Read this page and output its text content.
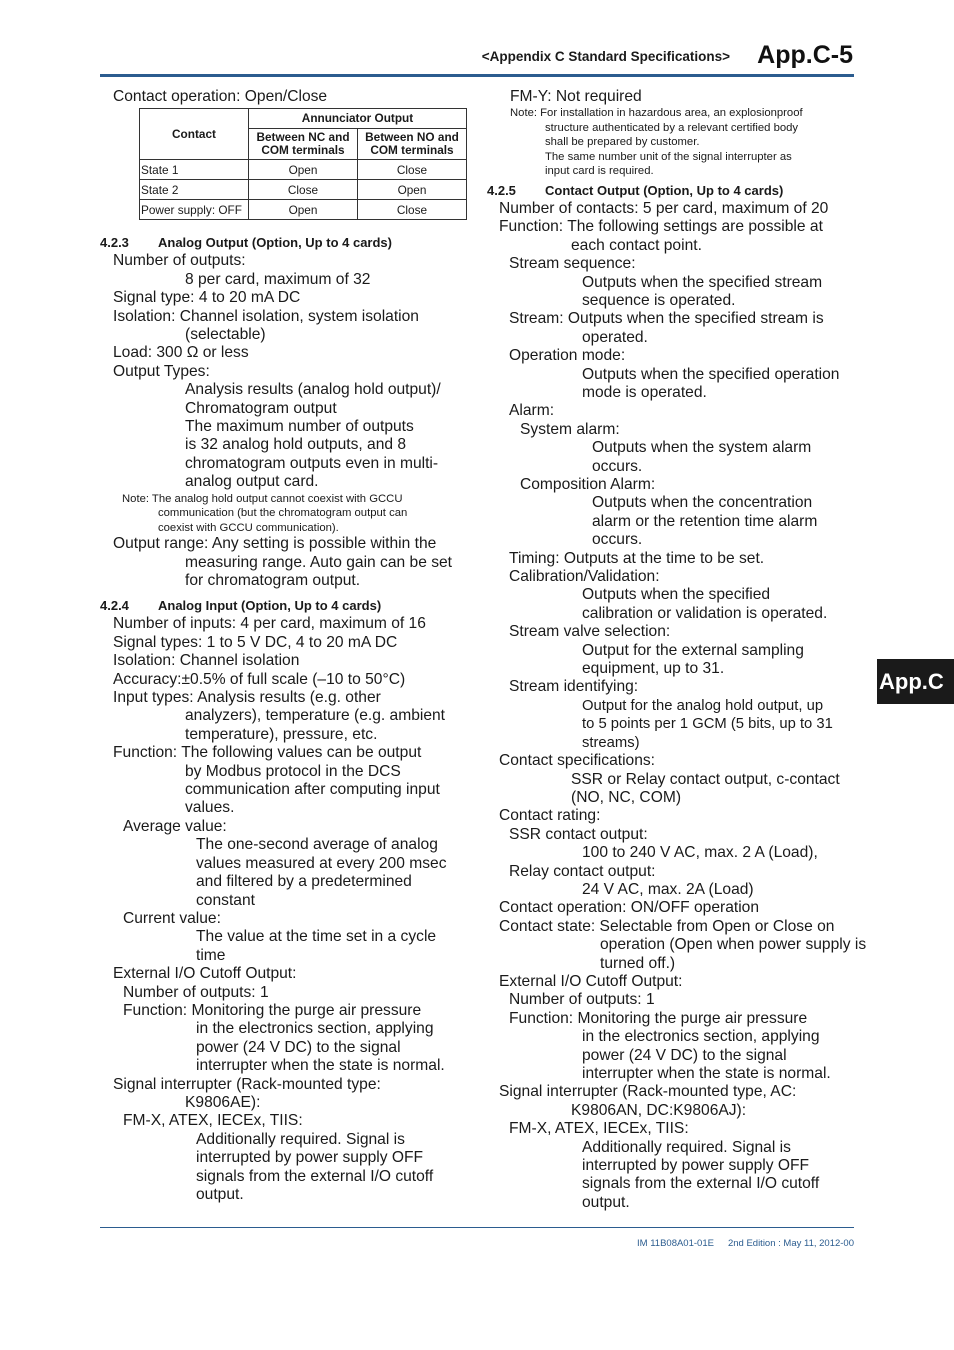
<Appendix C Standard Specifications> App.C-5
App.C
Contact operation: Open/Close
Contact	Annunciator Output	

	Between NC and
COM terminals	Between NO and
COM terminals

State 1	Open	Close
State 2	Close	Open
Power supply: OFF	Open	Close
4.2.3 Analog Output (Option, Up to 4 cards)
Number of outputs:
8 per card, maximum of 32
Signal type: 4 to 20 mA DC
Isolation: Channel isolation, system isolation
(selectable)
Load: 300 Ω or less
Output Types:
Analysis results (analog hold output)/
Chromatogram output
The maximum number of outputs
is 32 analog hold outputs, and 8
chromatogram outputs even in multi-
analog output card.
Note: The analog hold output cannot coexist with GCCU
communication (but the chromatogram output can
coexist with GCCU communication).
Output range: Any setting is possible within the
measuring range. Auto gain can be set
for chromatogram output.
4.2.4 Analog Input (Option, Up to 4 cards)
Number of inputs: 4 per card, maximum of 16
Signal types: 1 to 5 V DC, 4 to 20 mA DC
Isolation: Channel isolation
Accuracy:±0.5% of full scale (–10 to 50°C)
Input types: Analysis results (e.g. other
analyzers), temperature (e.g. ambient
temperature), pressure, etc.
Function: The following values can be output
by Modbus protocol in the DCS
communication after computing input
values.
Average value:
The one-second average of analog
values measured at every 200 msec
and filtered by a predetermined
constant
Current value:
The value at the time set in a cycle
time
External I/O Cutoff Output:
Number of outputs: 1
Function: Monitoring the purge air pressure
in the electronics section, applying
power (24 V DC) to the signal
interrupter when the state is normal.
Signal interrupter (Rack-mounted type:
K9806AE):
FM-X, ATEX, IECEx, TIIS:
Additionally required. Signal is
interrupted by power supply OFF
signals from the external I/O cutoff
output.
FM-Y: Not required
Note: For installation in hazardous area, an explosionproof
structure authenticated by a relevant certified body
shall be prepared by customer.
The same number unit of the signal interrupter as
input card is required.
4.2.5 Contact Output (Option, Up to 4 cards)
Number of contacts: 5 per card, maximum of 20
Function: The following settings are possible at
each contact point.
Stream sequence:
Outputs when the specified stream
sequence is operated.
Stream: Outputs when the specified stream is
operated.
Operation mode:
Outputs when the specified operation
mode is operated.
Alarm:
System alarm:
Outputs when the system alarm
occurs.
Composition Alarm:
Outputs when the concentration
alarm or the retention time alarm
occurs.
Timing: Outputs at the time to be set.
Calibration/Validation:
Outputs when the specified
calibration or validation is operated.
Stream valve selection:
Output for the external sampling
equipment, up to 31.
Stream identifying:
Output for the analog hold output, up
to 5 points per 1 GCM (5 bits, up to 31
streams)
Contact specifications:
SSR or Relay contact output, c-contact
(NO, NC, COM)
Contact rating:
SSR contact output:
100 to 240 V AC, max. 2 A (Load),
Relay contact output:
24 V AC, max. 2A (Load)
Contact operation: ON/OFF operation
Contact state: Selectable from Open or Close on
operation (Open when power supply is
turned off.)
External I/O Cutoff Output:
Number of outputs: 1
Function: Monitoring the purge air pressure
in the electronics section, applying
power (24 V DC) to the signal
interrupter when the state is normal.
Signal interrupter (Rack-mounted type, AC:
K9806AN, DC:K9806AJ):
FM-X, ATEX, IECEx, TIIS:
Additionally required. Signal is
interrupted by power supply OFF
signals from the external I/O cutoff
output.
IM 11B08A01-01E 2nd Edition : May 11, 2012-00
